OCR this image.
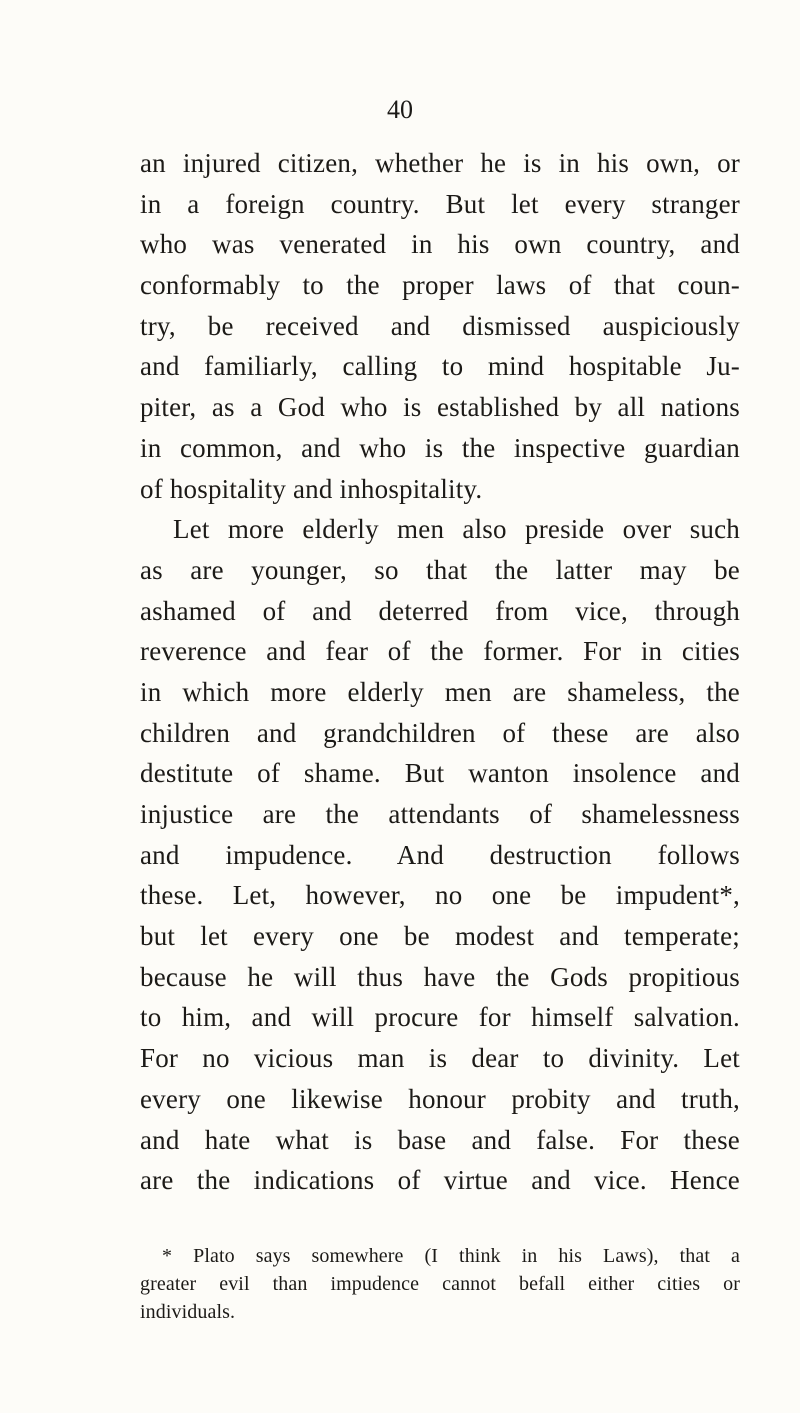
40
an injured citizen, whether he is in his own, or
in a foreign country. But let every stranger
who was venerated in his own country, and
conformably to the proper laws of that coun-
try, be received and dismissed auspiciously
and familiarly, calling to mind hospitable Ju-
piter, as a God who is established by all nations
in common, and who is the inspective guardian
of hospitality and inhospitality.
Let more elderly men also preside over such
as are younger, so that the latter may be
ashamed of and deterred from vice, through
reverence and fear of the former. For in cities
in which more elderly men are shameless, the
children and grandchildren of these are also
destitute of shame. But wanton insolence and
injustice are the attendants of shamelessness
and impudence. And destruction follows
these. Let, however, no one be impudent*,
but let every one be modest and temperate;
because he will thus have the Gods propitious
to him, and will procure for himself salvation.
For no vicious man is dear to divinity. Let
every one likewise honour probity and truth,
and hate what is base and false. For these
are the indications of virtue and vice. Hence
* Plato says somewhere (I think in his Laws), that a
greater evil than impudence cannot befall either cities or
individuals.
